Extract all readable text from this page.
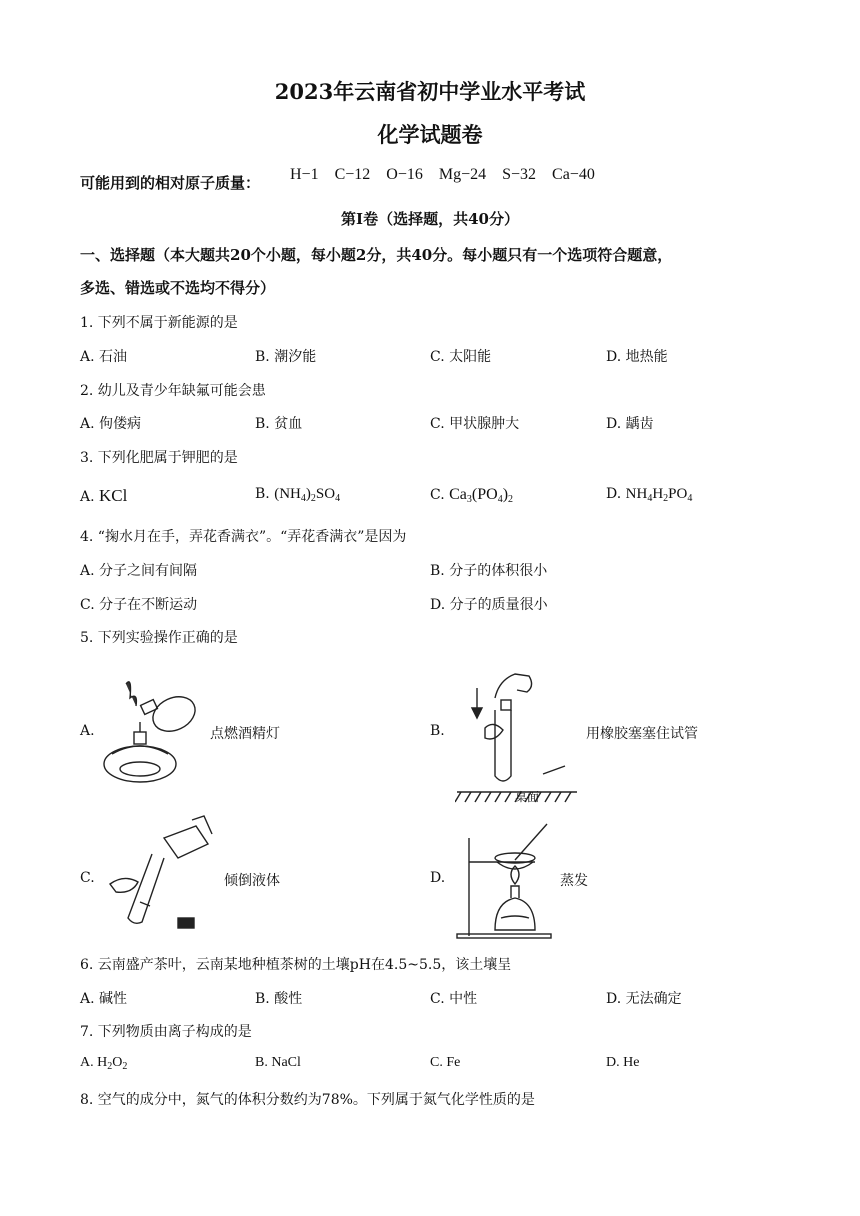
2023年云南省初中学业水平考试
化学试题卷
可能用到的相对原子质量： H−1 C−12 O−16 Mg−24 S−32 Ca−40
第Ⅰ卷（选择题，共40分）
一、选择题（本大题共20个小题，每小题2分，共40分。每小题只有一个选项符合题意，
多选、错选或不选均不得分）
1. 下列不属于新能源的是
A. 石油	B. 潮汐能	C. 太阳能	D. 地热能
2. 幼儿及青少年缺氟可能会患
A. 佝偻病	B. 贫血	C. 甲状腺肿大	D. 龋齿
3. 下列化肥属于钾肥的是
A. KCl	B. $(NH_4)_2SO_4$	C. $Ca_3(PO_4)_2$	D. $NH_4H_2PO_4$
4. “掬水月在手，弄花香满衣”。“弄花香满衣”是因为
A. 分子之间有间隔	B. 分子的体积很小
C. 分子在不断运动	D. 分子的质量很小
5. 下列实验操作正确的是
A.	点燃酒精灯	B.
桌面
用橡胶塞塞住试管
C.	倾倒液体	D.	蒸发
6. 云南盛产茶叶，云南某地种植茶树的土壤pH在4.5~5.5，该土壤呈
A. 碱性	B. 酸性	C. 中性	D. 无法确定
7. 下列物质由离子构成的是
A. $H_2O_2$	B. NaCl	C. Fe	D. He
8. 空气的成分中，氮气的体积分数约为78%。下列属于氮气化学性质的是
